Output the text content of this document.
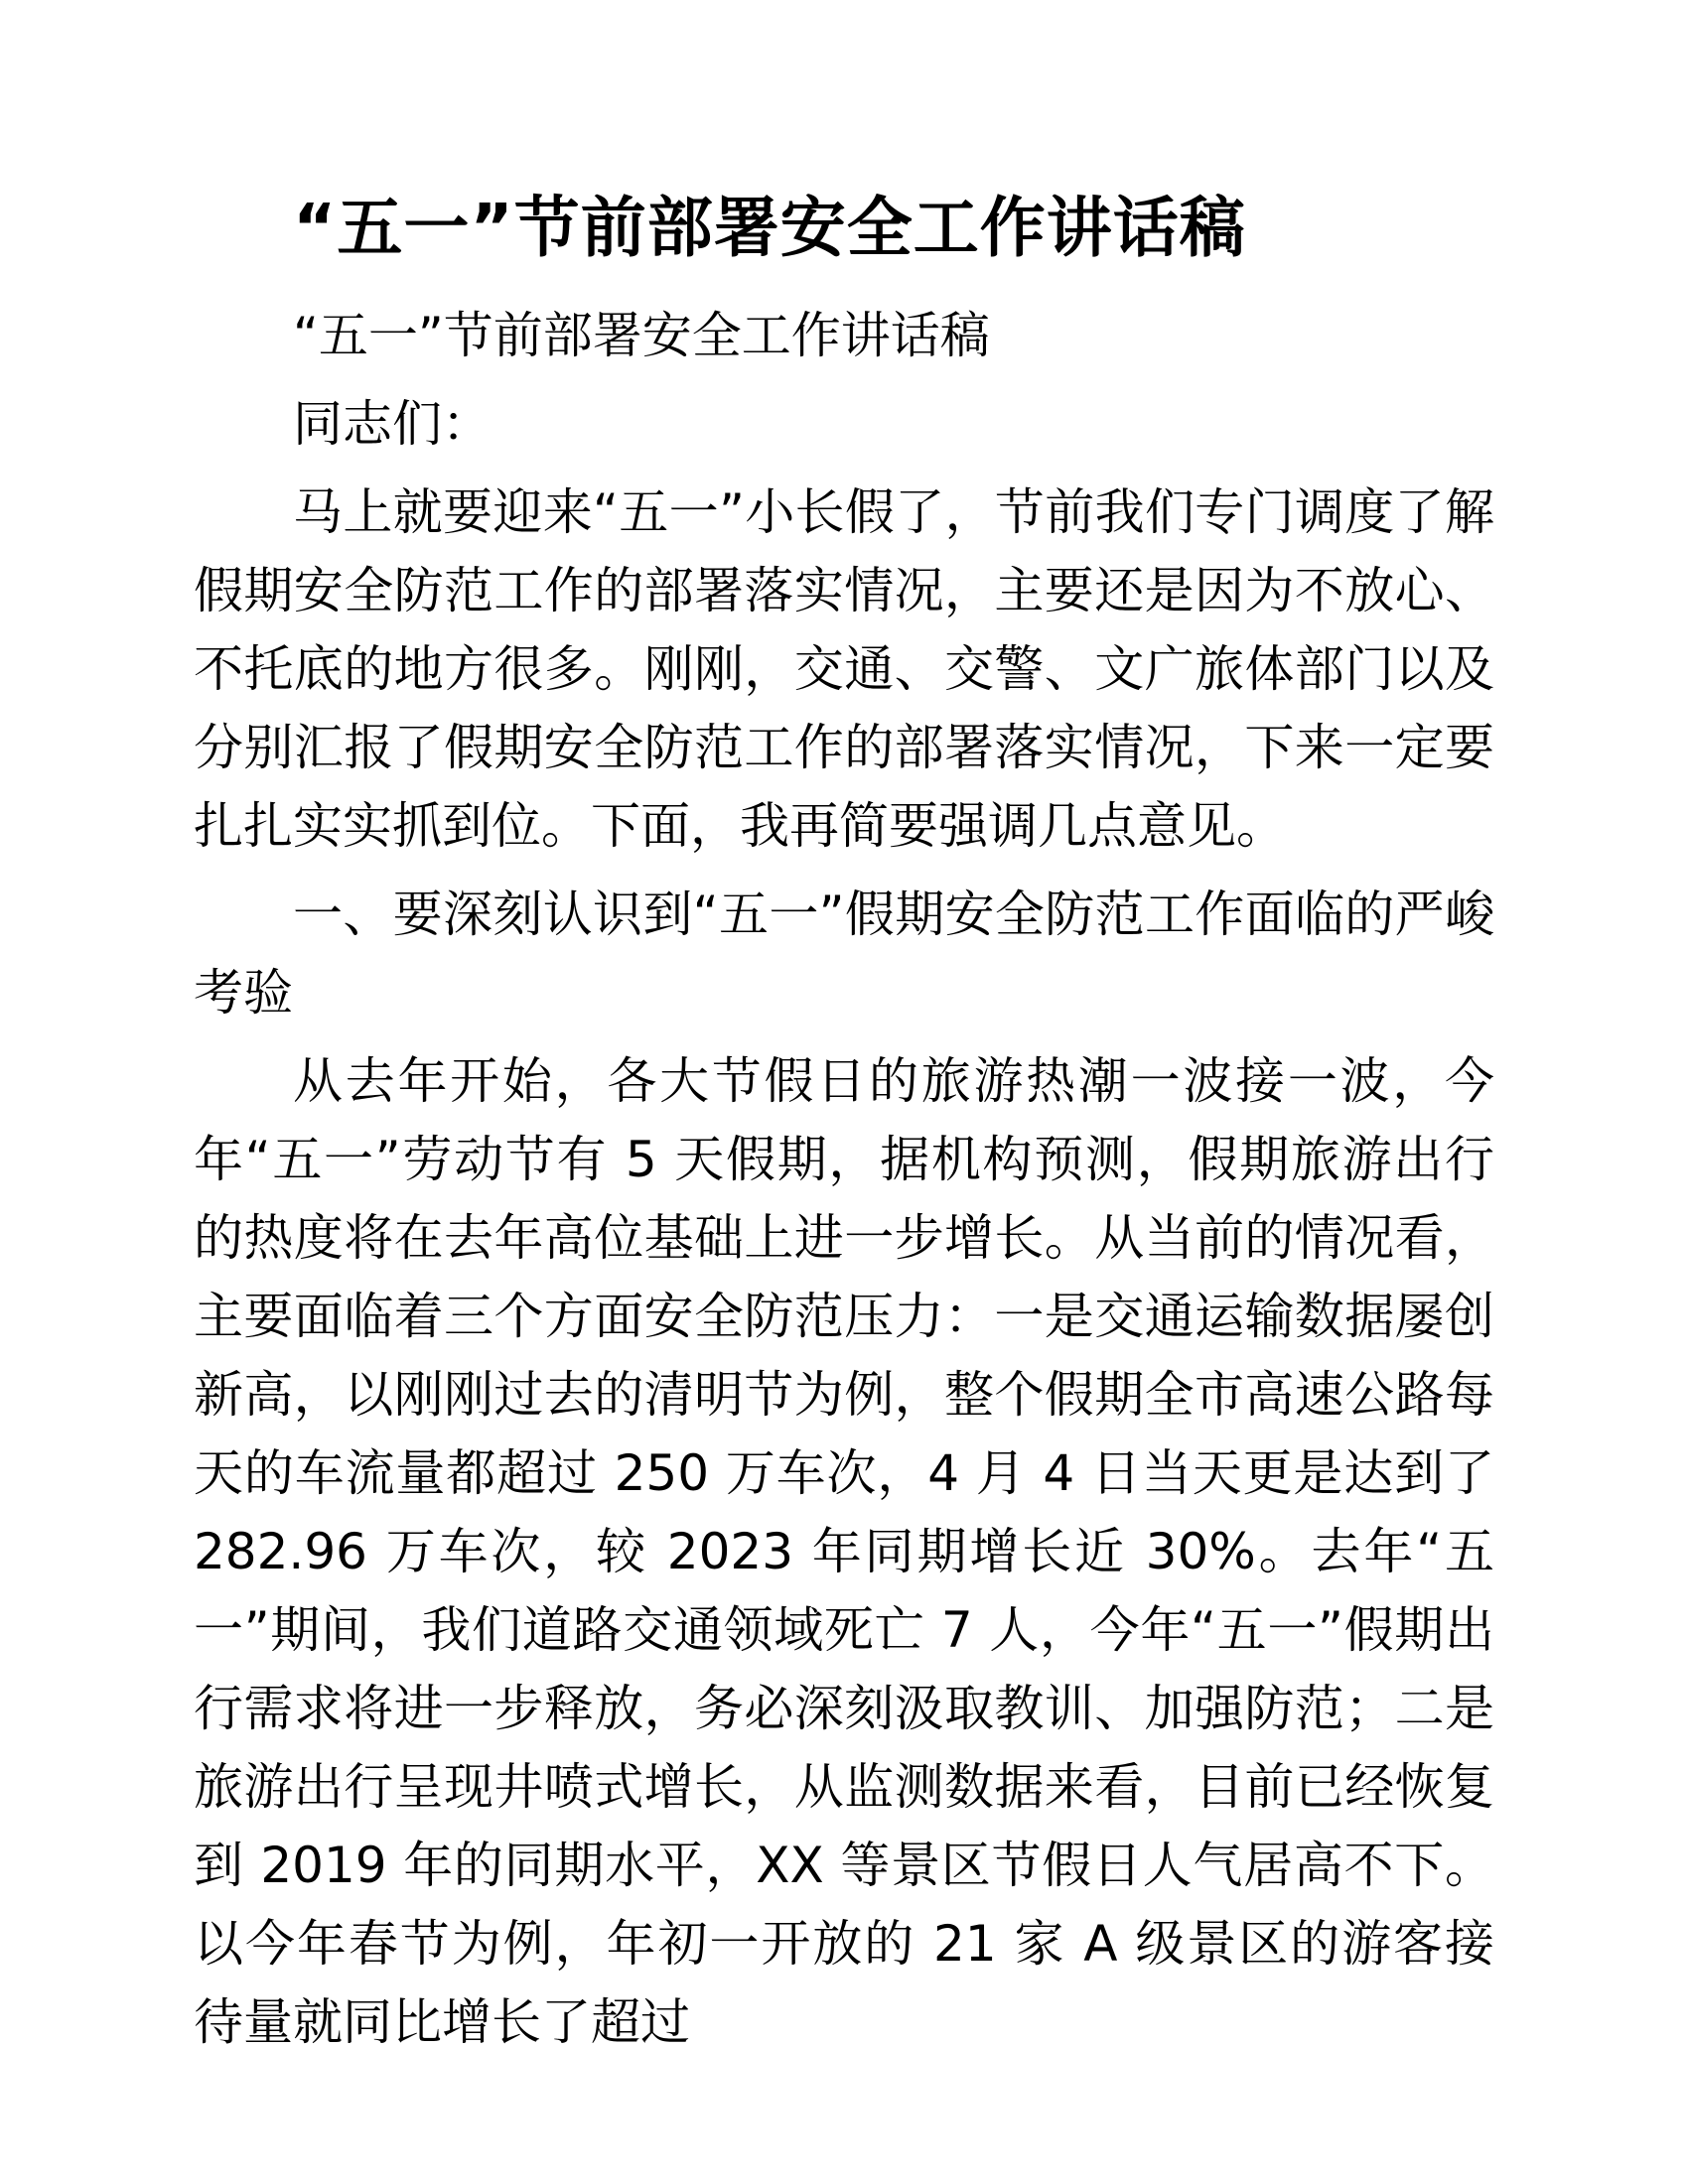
“五一”节前部署安全工作讲话稿

“五一”节前部署安全工作讲话稿

同志们：

马上就要迎来“五一”小长假了，节前我们专门调度了解假期安全防范工作的部署落实情况，主要还是因为不放心、不托底的地方很多。刚刚，交通、交警、文广旅体部门以及分别汇报了假期安全防范工作的部署落实情况，下来一定要扎扎实实抓到位。下面，我再简要强调几点意见。

一、要深刻认识到“五一”假期安全防范工作面临的严峻考验

从去年开始，各大节假日的旅游热潮一波接一波，今年“五一”劳动节有 5 天假期，据机构预测，假期旅游出行的热度将在去年高位基础上进一步增长。从当前的情况看，主要面临着三个方面安全防范压力：一是交通运输数据屡创新高，以刚刚过去的清明节为例，整个假期全市高速公路每天的车流量都超过 250 万车次，4 月 4 日当天更是达到了 282.96 万车次，较 2023 年同期增长近 30%。去年“五一”期间，我们道路交通领域死亡 7 人，今年“五一”假期出行需求将进一步释放，务必深刻汲取教训、加强防范；二是旅游出行呈现井喷式增长，从监测数据来看，目前已经恢复到 2019 年的同期水平，XX 等景区节假日人气居高不下。以今年春节为例，年初一开放的 21 家 A 级景区的游客接待量就同比增长了超过
